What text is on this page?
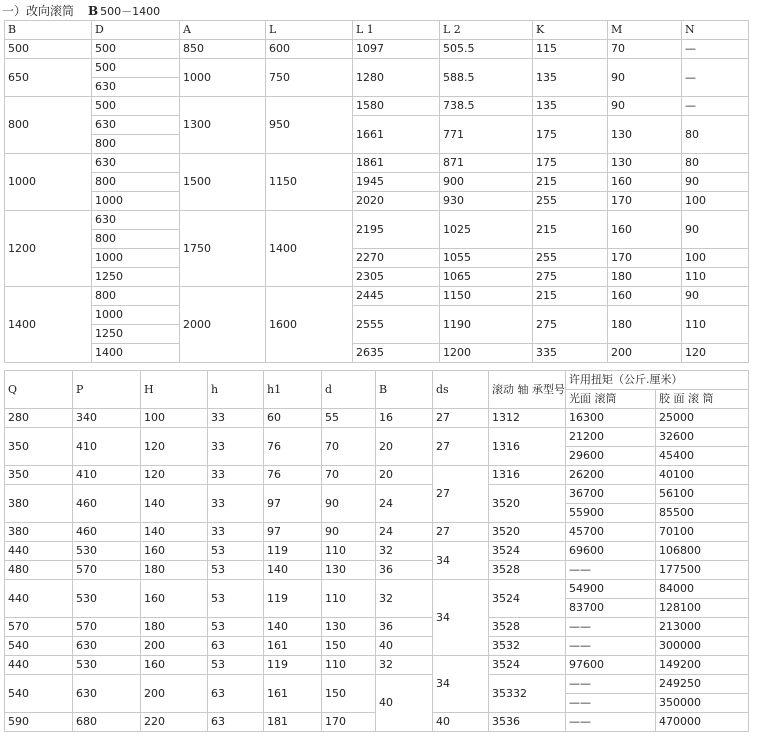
一）改向滚筒 B 500－1400
B	D	A	L	L 1	L 2	K	M	N
500	500	850	600	1097	505.5	115	70	—
650	500	1000	750	1280	588.5	135	90	—
	630							
800	500	1300	950	1580	738.5	135	90	—
	630			1661	771	175	130	80
	800							
1000	630	1500	1150	1861	871	175	130	80
	800			1945	900	215	160	90
	1000			2020	930	255	170	100
1200	630	1750	1400	2195	1025	215	160	90
	800							
	1000			2270	1055	255	170	100
	1250			2305	1065	275	180	110
1400	800	2000	1600	2445	1150	215	160	90
	1000			2555	1190	275	180	110
	1250							
	1400			2635	1200	335	200	120
Q	P	H	h	h1	d	B	ds	滚动 轴 承型号	许用扭矩（公斤.厘米）	
									光面 滚筒	胶 面 滚 筒
280	340	100	33	60	55	16	27	1312	16300	25000
350	410	120	33	76	70	20	27	1316	21200	32600
									29600	45400
350	410	120	33	76	70	20	27	1316	26200	40100
380	460	140	33	97	90	24		3520	36700	56100
									55900	85500
380	460	140	33	97	90	24	27	3520	45700	70100
440	530	160	53	119	110	32	34	3524	69600	106800
480	570	180	53	140	130	36		3528	——	177500
440	530	160	53	119	110	32	34	3524	54900	84000
									83700	128100
570	570	180	53	140	130	36		3528	——	213000
540	630	200	63	161	150	40		3532	——	300000
440	530	160	53	119	110	32	34	3524	97600	149200
540	630	200	63	161	150	40		35332	——	249250
									——	350000
590	680	220	63	181	170		40	3536	——	470000
